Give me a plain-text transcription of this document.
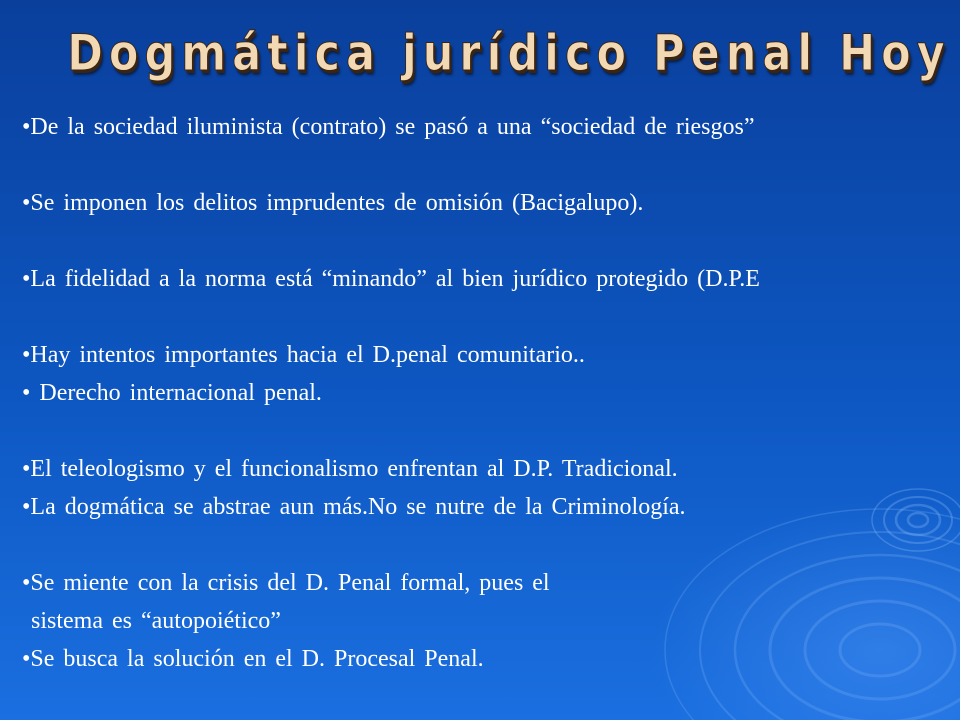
Dogmática jurídico Penal Hoy
•De la sociedad iluminista (contrato) se pasó a una “sociedad de riesgos”
•Se imponen los delitos imprudentes de omisión (Bacigalupo).
•La fidelidad a la norma está “minando” al bien jurídico protegido (D.P.E
•Hay intentos importantes hacia el D.penal comunitario..
• Derecho internacional penal.
•El teleologismo y el funcionalismo enfrentan al D.P. Tradicional.
•La dogmática se abstrae aun más.No se nutre de la Criminología.
•Se miente con la crisis del D. Penal formal, pues el
sistema es “autopoiético”
•Se busca la solución en el D. Procesal Penal.
